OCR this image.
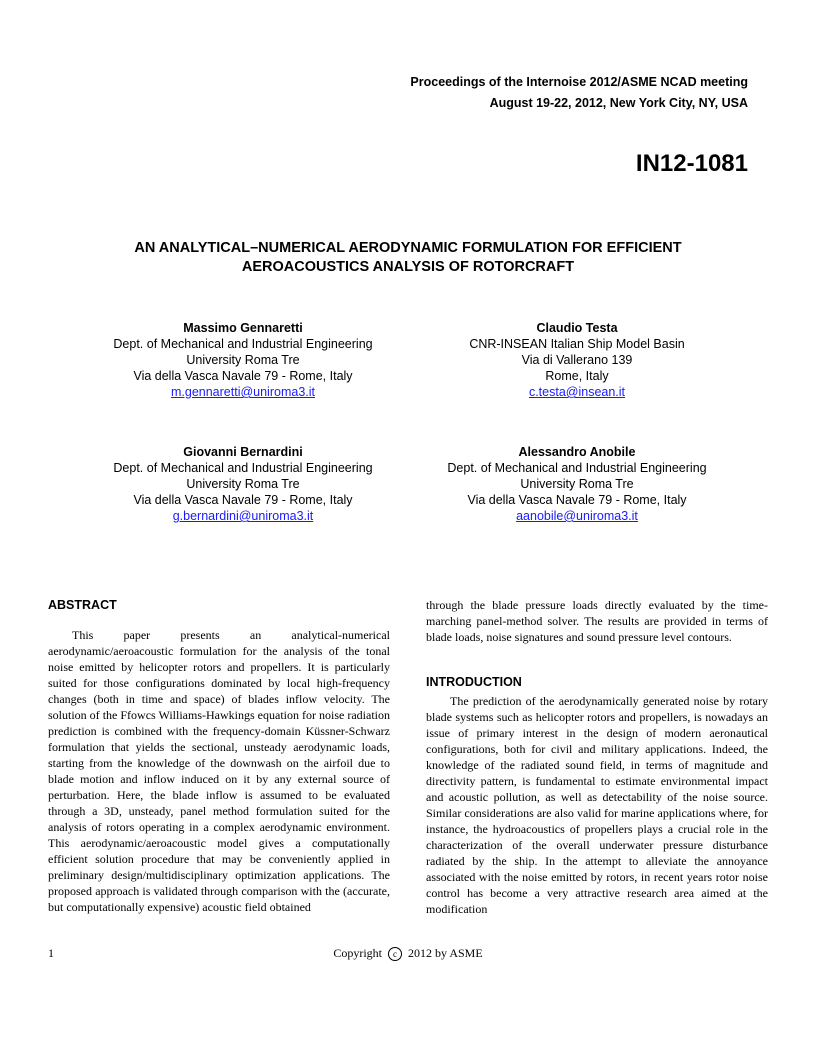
Proceedings of the Internoise 2012/ASME NCAD meeting
August 19-22, 2012, New York City, NY, USA
IN12-1081
AN ANALYTICAL–NUMERICAL AERODYNAMIC FORMULATION FOR EFFICIENT
AEROACOUSTICS ANALYSIS OF ROTORCRAFT
Massimo Gennaretti
Dept. of Mechanical and Industrial Engineering
University Roma Tre
Via della Vasca Navale 79 - Rome, Italy
m.gennaretti@uniroma3.it
Claudio Testa
CNR-INSEAN Italian Ship Model Basin
Via di Vallerano 139
Rome, Italy
c.testa@insean.it
Giovanni Bernardini
Dept. of Mechanical and Industrial Engineering
University Roma Tre
Via della Vasca Navale 79 - Rome, Italy
g.bernardini@uniroma3.it
Alessandro Anobile
Dept. of Mechanical and Industrial Engineering
University Roma Tre
Via della Vasca Navale 79 - Rome, Italy
aanobile@uniroma3.it
ABSTRACT

This paper presents an analytical-numerical aerodynamic/aeroacoustic formulation for the analysis of the tonal noise emitted by helicopter rotors and propellers. It is particularly suited for those configurations dominated by local high-frequency changes (both in time and space) of blades inflow velocity. The solution of the Ffowcs Williams-Hawkings equation for noise radiation prediction is combined with the frequency-domain Küssner-Schwarz formulation that yields the sectional, unsteady aerodynamic loads, starting from the knowledge of the downwash on the airfoil due to blade motion and inflow induced on it by any external source of perturbation. Here, the blade inflow is assumed to be evaluated through a 3D, unsteady, panel method formulation suited for the analysis of rotors operating in a complex aerodynamic environment. This aerodynamic/aeroacoustic model gives a computationally efficient solution procedure that may be conveniently applied in preliminary design/multidisciplinary optimization applications. The proposed approach is validated through comparison with the (accurate, but computationally expensive) acoustic field obtained

through the blade pressure loads directly evaluated by the time-marching panel-method solver. The results are provided in terms of blade loads, noise signatures and sound pressure level contours.

INTRODUCTION

The prediction of the aerodynamically generated noise by rotary blade systems such as helicopter rotors and propellers, is nowadays an issue of primary interest in the design of modern aeronautical configurations, both for civil and military applications. Indeed, the knowledge of the radiated sound field, in terms of magnitude and directivity pattern, is fundamental to estimate environmental impact and acoustic pollution, as well as detectability of the noise source. Similar considerations are also valid for marine applications where, for instance, the hydroacoustics of propellers plays a crucial role in the characterization of the overall underwater pressure disturbance radiated by the ship. In the attempt to alleviate the annoyance associated with the noise emitted by rotors, in recent years rotor noise control has become a very attractive research area aimed at the modification

1	Copyright c 2012 by ASME
